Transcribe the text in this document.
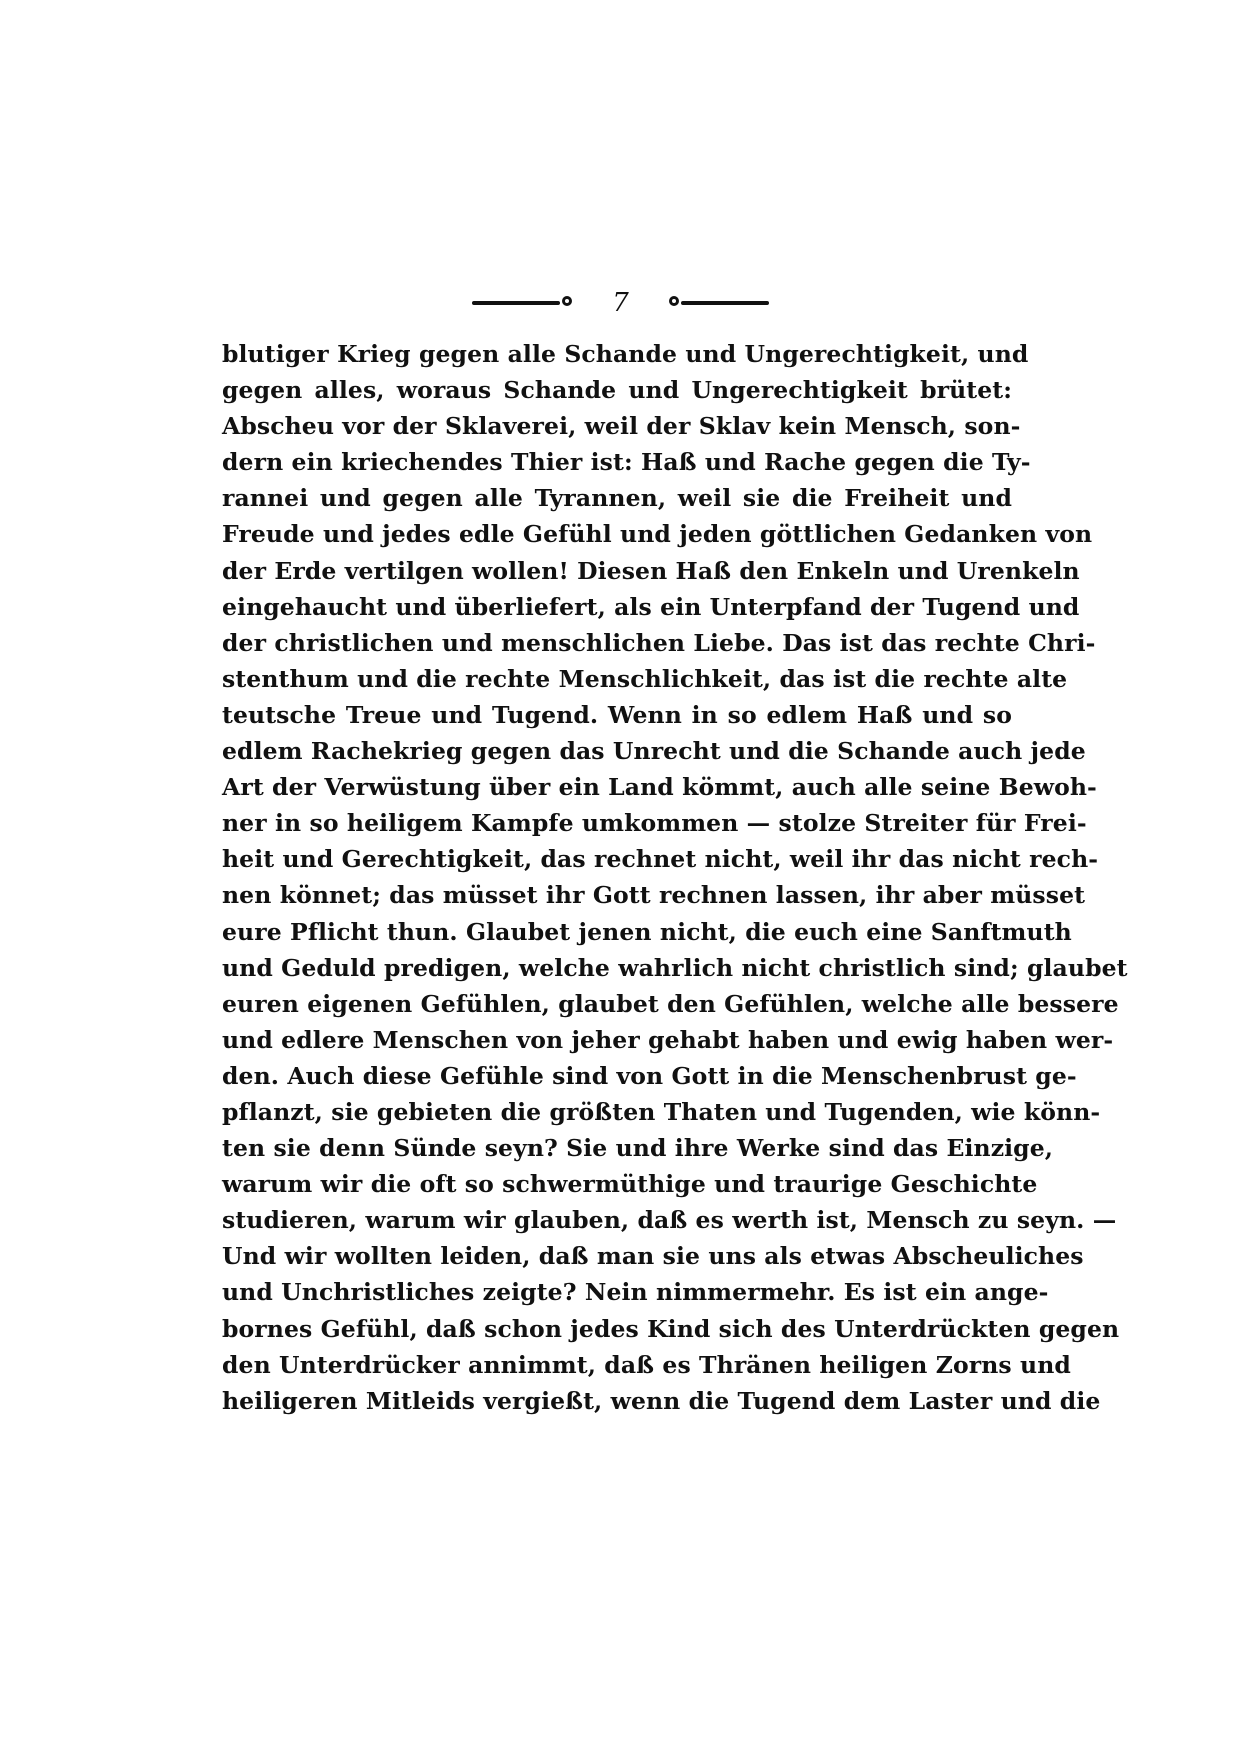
7
blutiger Krieg gegen alle Schande und Ungerechtigkeit, und
gegen alles, woraus Schande und Ungerechtigkeit brütet:
Abscheu vor der Sklaverei, weil der Sklav kein Mensch, son-
dern ein kriechendes Thier ist: Haß und Rache gegen die Ty-
rannei und gegen alle Tyrannen, weil sie die Freiheit und
Freude und jedes edle Gefühl und jeden göttlichen Gedanken von
der Erde vertilgen wollen! Diesen Haß den Enkeln und Urenkeln
eingehaucht und überliefert, als ein Unterpfand der Tugend und
der christlichen und menschlichen Liebe. Das ist das rechte Chri-
stenthum und die rechte Menschlichkeit, das ist die rechte alte
teutsche Treue und Tugend. Wenn in so edlem Haß und so
edlem Rachekrieg gegen das Unrecht und die Schande auch jede
Art der Verwüstung über ein Land kömmt, auch alle seine Bewoh-
ner in so heiligem Kampfe umkommen — stolze Streiter für Frei-
heit und Gerechtigkeit, das rechnet nicht, weil ihr das nicht rech-
nen könnet; das müsset ihr Gott rechnen lassen, ihr aber müsset
eure Pflicht thun. Glaubet jenen nicht, die euch eine Sanftmuth
und Geduld predigen, welche wahrlich nicht christlich sind; glaubet
euren eigenen Gefühlen, glaubet den Gefühlen, welche alle bessere
und edlere Menschen von jeher gehabt haben und ewig haben wer-
den. Auch diese Gefühle sind von Gott in die Menschenbrust ge-
pflanzt, sie gebieten die größten Thaten und Tugenden, wie könn-
ten sie denn Sünde seyn? Sie und ihre Werke sind das Einzige,
warum wir die oft so schwermüthige und traurige Geschichte
studieren, warum wir glauben, daß es werth ist, Mensch zu seyn. —
Und wir wollten leiden, daß man sie uns als etwas Abscheuliches
und Unchristliches zeigte? Nein nimmermehr. Es ist ein ange-
bornes Gefühl, daß schon jedes Kind sich des Unterdrückten gegen
den Unterdrücker annimmt, daß es Thränen heiligen Zorns und
heiligeren Mitleids vergießt, wenn die Tugend dem Laster und die
